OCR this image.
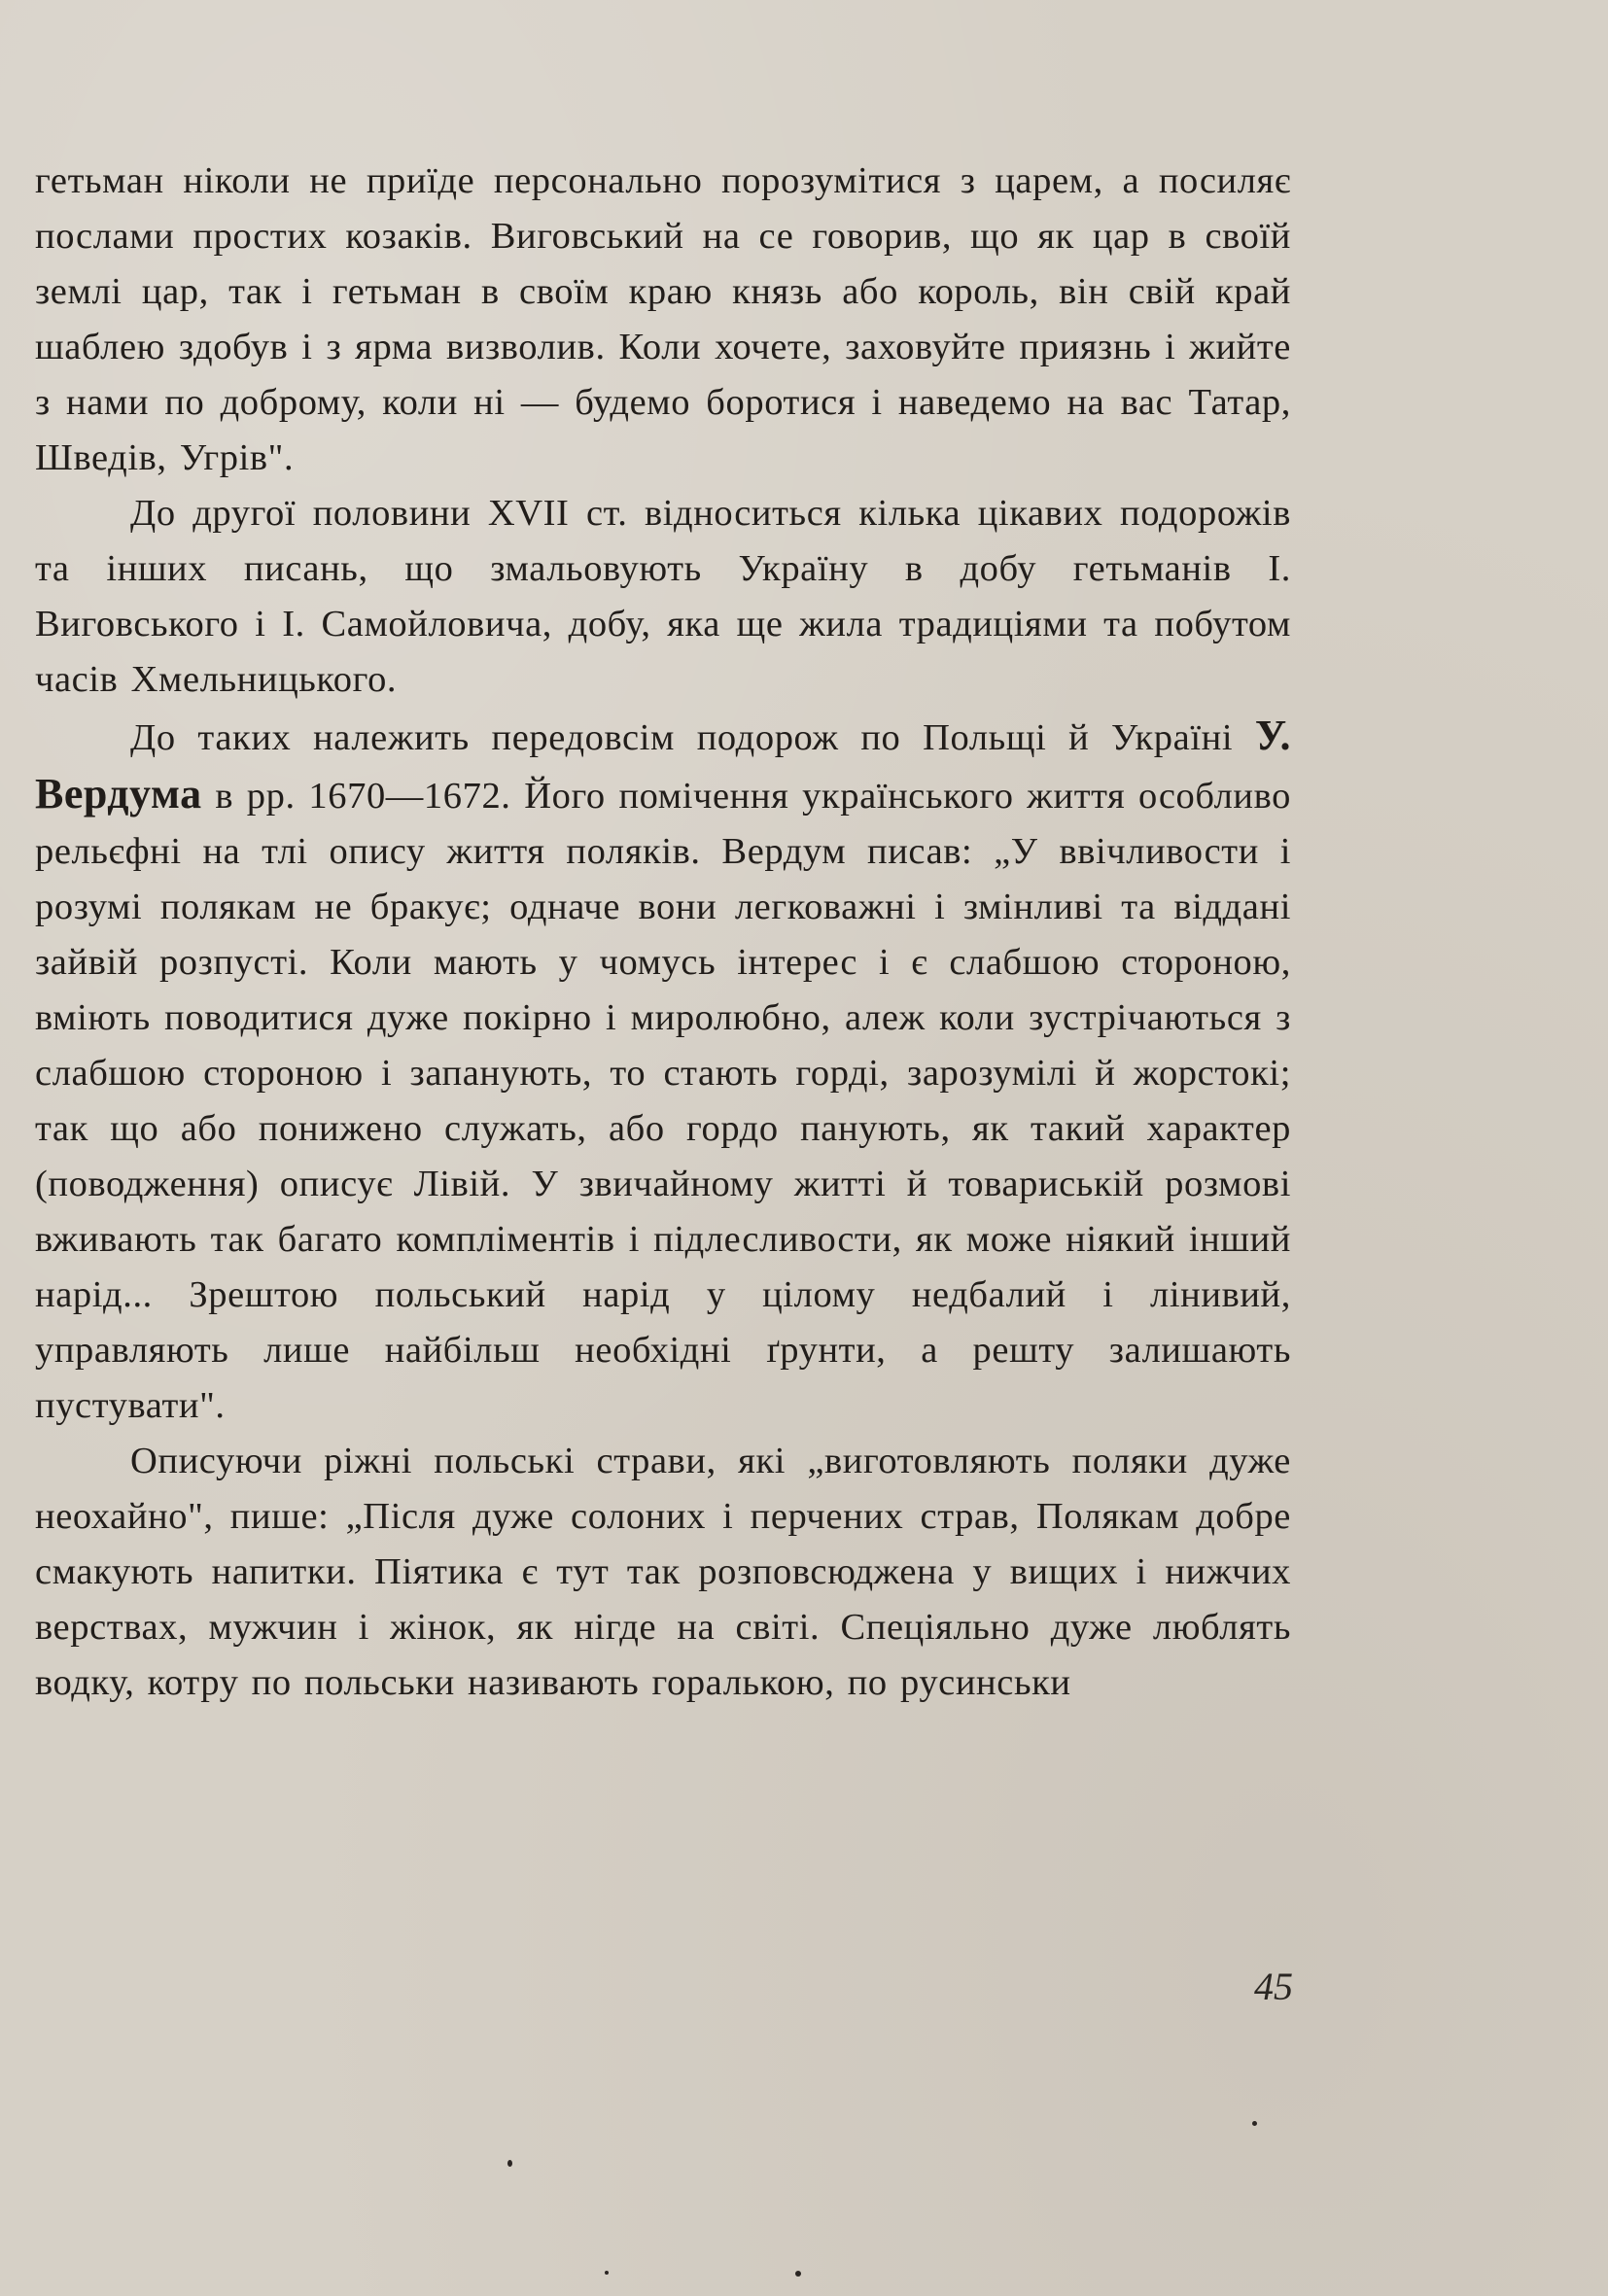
гетьман ніколи не приїде персонально порозумітися з царем, а посиляє послами простих козаків. Виговський на се говорив, що як цар в своїй землі цар, так і гетьман в своїм краю князь або король, він свій край шаблею здобув і з ярма визволив. Коли хочете, заховуйте приязнь і жийте з нами по доброму, коли ні — будемо боротися і наведемо на вас Татар, Шведів, Угрів".

До другої половини XVII ст. відноситься кілька цікавих подорожів та інших писань, що змальовують Україну в добу гетьманів І. Виговського і І. Самойловича, добу, яка ще жила традиціями та побутом часів Хмельницького.

До таких належить передовсім подорож по Польщі й Україні У. Вердума в рр. 1670—1672. Його помічення українського життя особливо рельєфні на тлі опису життя поляків. Вердум писав: „У ввічливости і розумі полякам не бракує; одначе вони легковажні і змінливі та віддані зайвій розпусті. Коли мають у чомусь інтерес і є слабшою стороною, вміють поводитися дуже покірно і миролюбно, алеж коли зустрічаються з слабшою стороною і запанують, то стають горді, зарозумілі й жорстокі; так що або понижено служать, або гордо панують, як такий характер (поводження) описує Лівій. У звичайному житті й товариській розмові вживають так багато компліментів і підлесливости, як може ніякий інший нарід... Зрештою польський нарід у цілому недбалий і лінивий, управляють лише найбільш необхідні ґрунти, а решту залишають пустувати".

Описуючи ріжні польські страви, які „виготовляють поляки дуже неохайно", пише: „Після дуже солоних і перчених страв, Полякам добре смакують напитки. Піятика є тут так розповсюджена у вищих і нижчих верствах, мужчин і жінок, як нігде на світі. Спеціяльно дуже люблять водку, котру по польськи називають горалькою, по русинськи

45
